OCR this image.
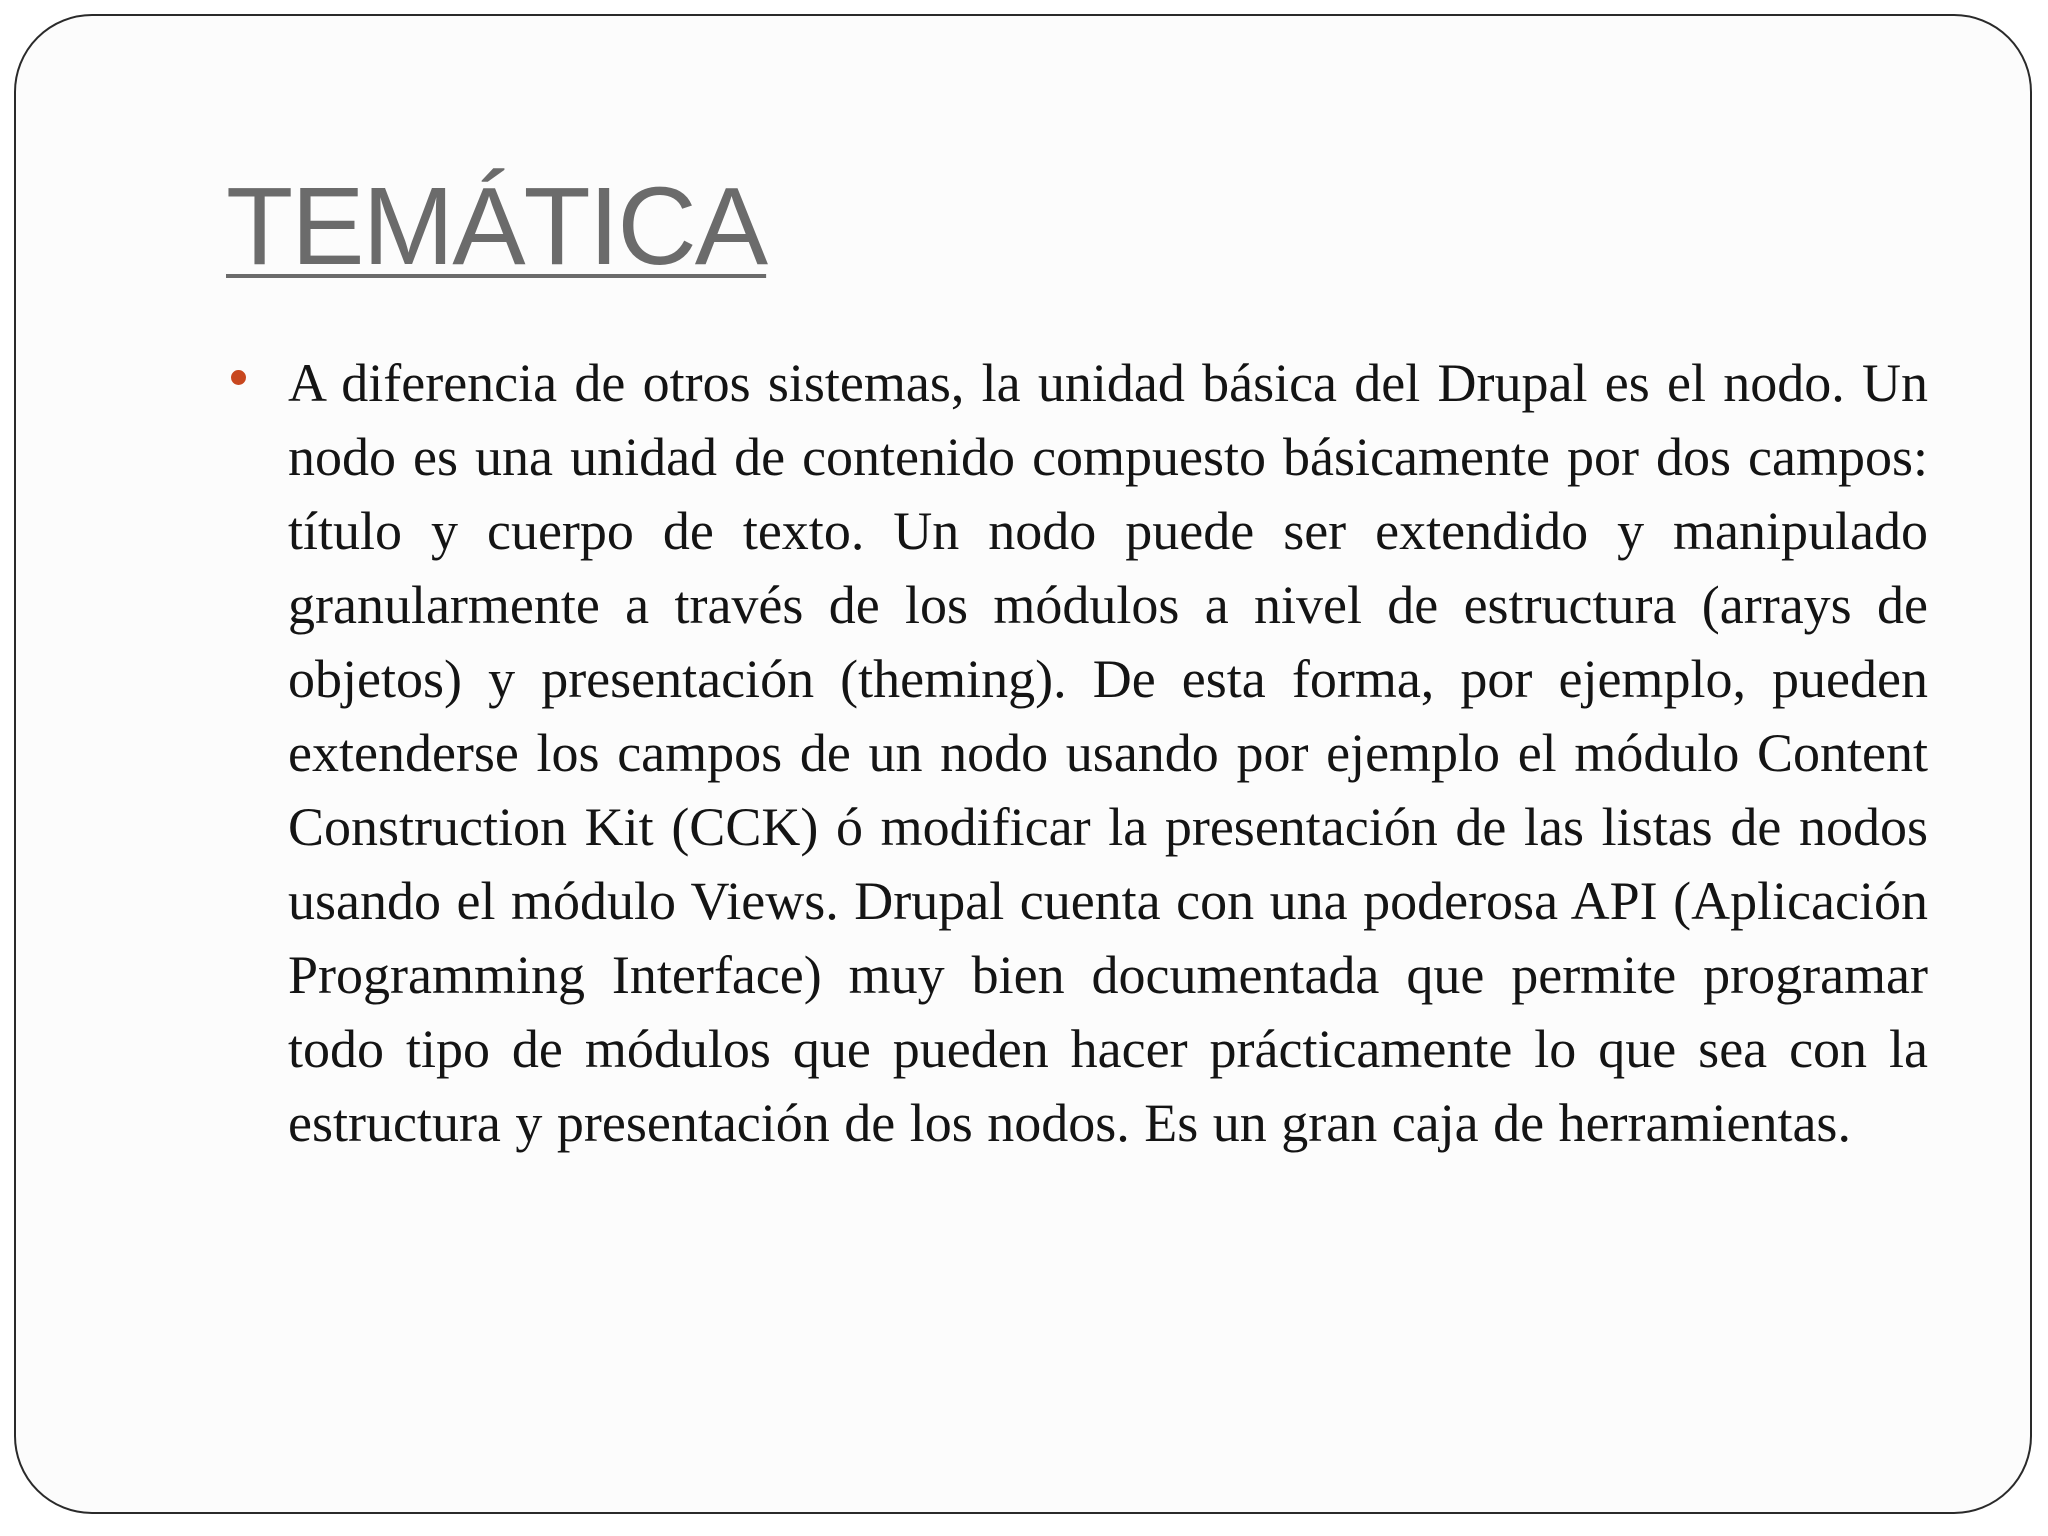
TEMÁTICA

A diferencia de otros sistemas, la unidad básica del Drupal es el nodo. Un nodo es una unidad de contenido compuesto básicamente por dos campos: título y cuerpo de texto. Un nodo puede ser extendido y manipulado granularmente a través de los módulos a nivel de estructura (arrays de objetos) y presentación (theming). De esta forma, por ejemplo, pueden extenderse los campos de un nodo usando por ejemplo el módulo Content Construction Kit (CCK) ó modificar la presentación de las listas de nodos usando el módulo Views. Drupal cuenta con una poderosa API (Aplicación Programming Interface) muy bien documentada que permite programar todo tipo de módulos que pueden hacer prácticamente lo que sea con la estructura y presentación de los nodos. Es un gran caja de herramientas.
